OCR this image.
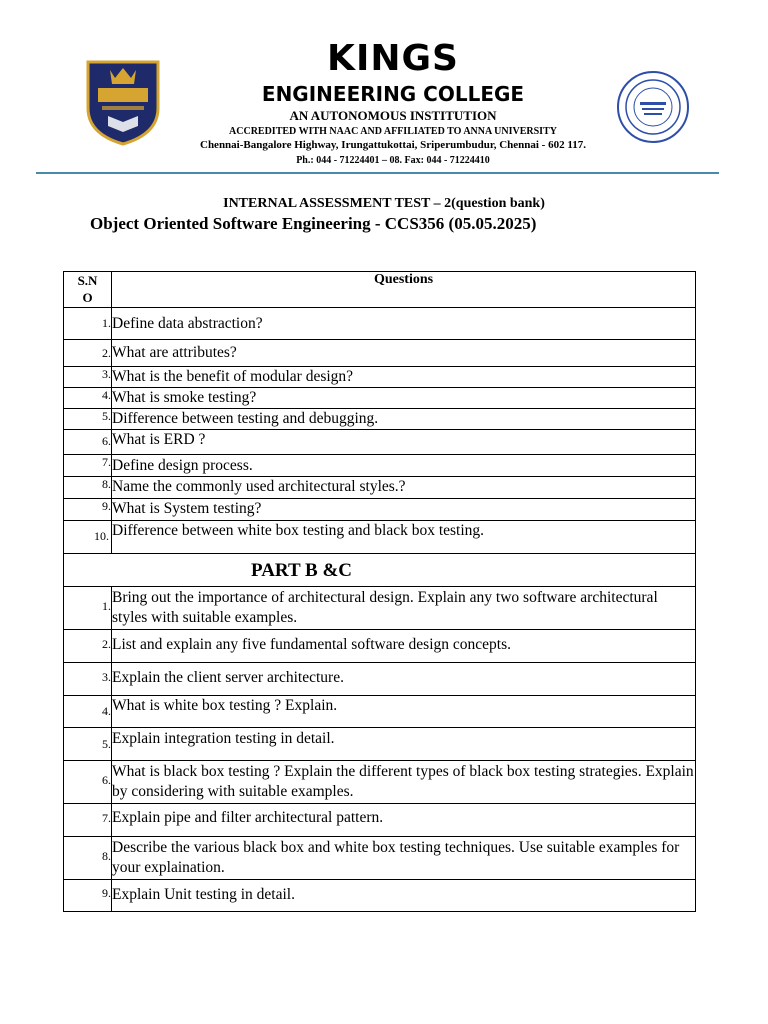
KINGS
ENGINEERING COLLEGE
AN AUTONOMOUS INSTITUTION
ACCREDITED WITH NAAC AND AFFILIATED TO ANNA UNIVERSITY
Chennai-Bangalore Highway, Irungattukottai, Sriperumbudur, Chennai - 602 117.
Ph.: 044 - 71224401 – 08. Fax: 044 - 71224410
INTERNAL ASSESSMENT TEST – 2(question bank)
Object Oriented Software Engineering - CCS356 (05.05.2025)
S.N
O	Questions
1.	Define data abstraction?
2.	What are attributes?
3.	What is the benefit of modular design?
4.	What is smoke testing?
5.	Difference between testing and debugging.
6.	What is ERD ?
7.	Define design process.
8.	Name the commonly used architectural styles.?
9.	What is System testing?
10.	Difference between white box testing and black box testing.
PART B &C	
1.	Bring out the importance of architectural design. Explain any two software architectural styles with suitable examples.
2.	List and explain any five fundamental software design concepts.
3.	Explain the client server architecture.
4.	What is white box testing ? Explain.
5.	Explain integration testing in detail.
6.	What is black box testing ? Explain the different types of black box testing strategies. Explain by considering with suitable examples.
7.	Explain pipe and filter architectural pattern.
8.	Describe the various black box and white box testing techniques. Use suitable examples for your explaination.
9.	Explain Unit testing in detail.
